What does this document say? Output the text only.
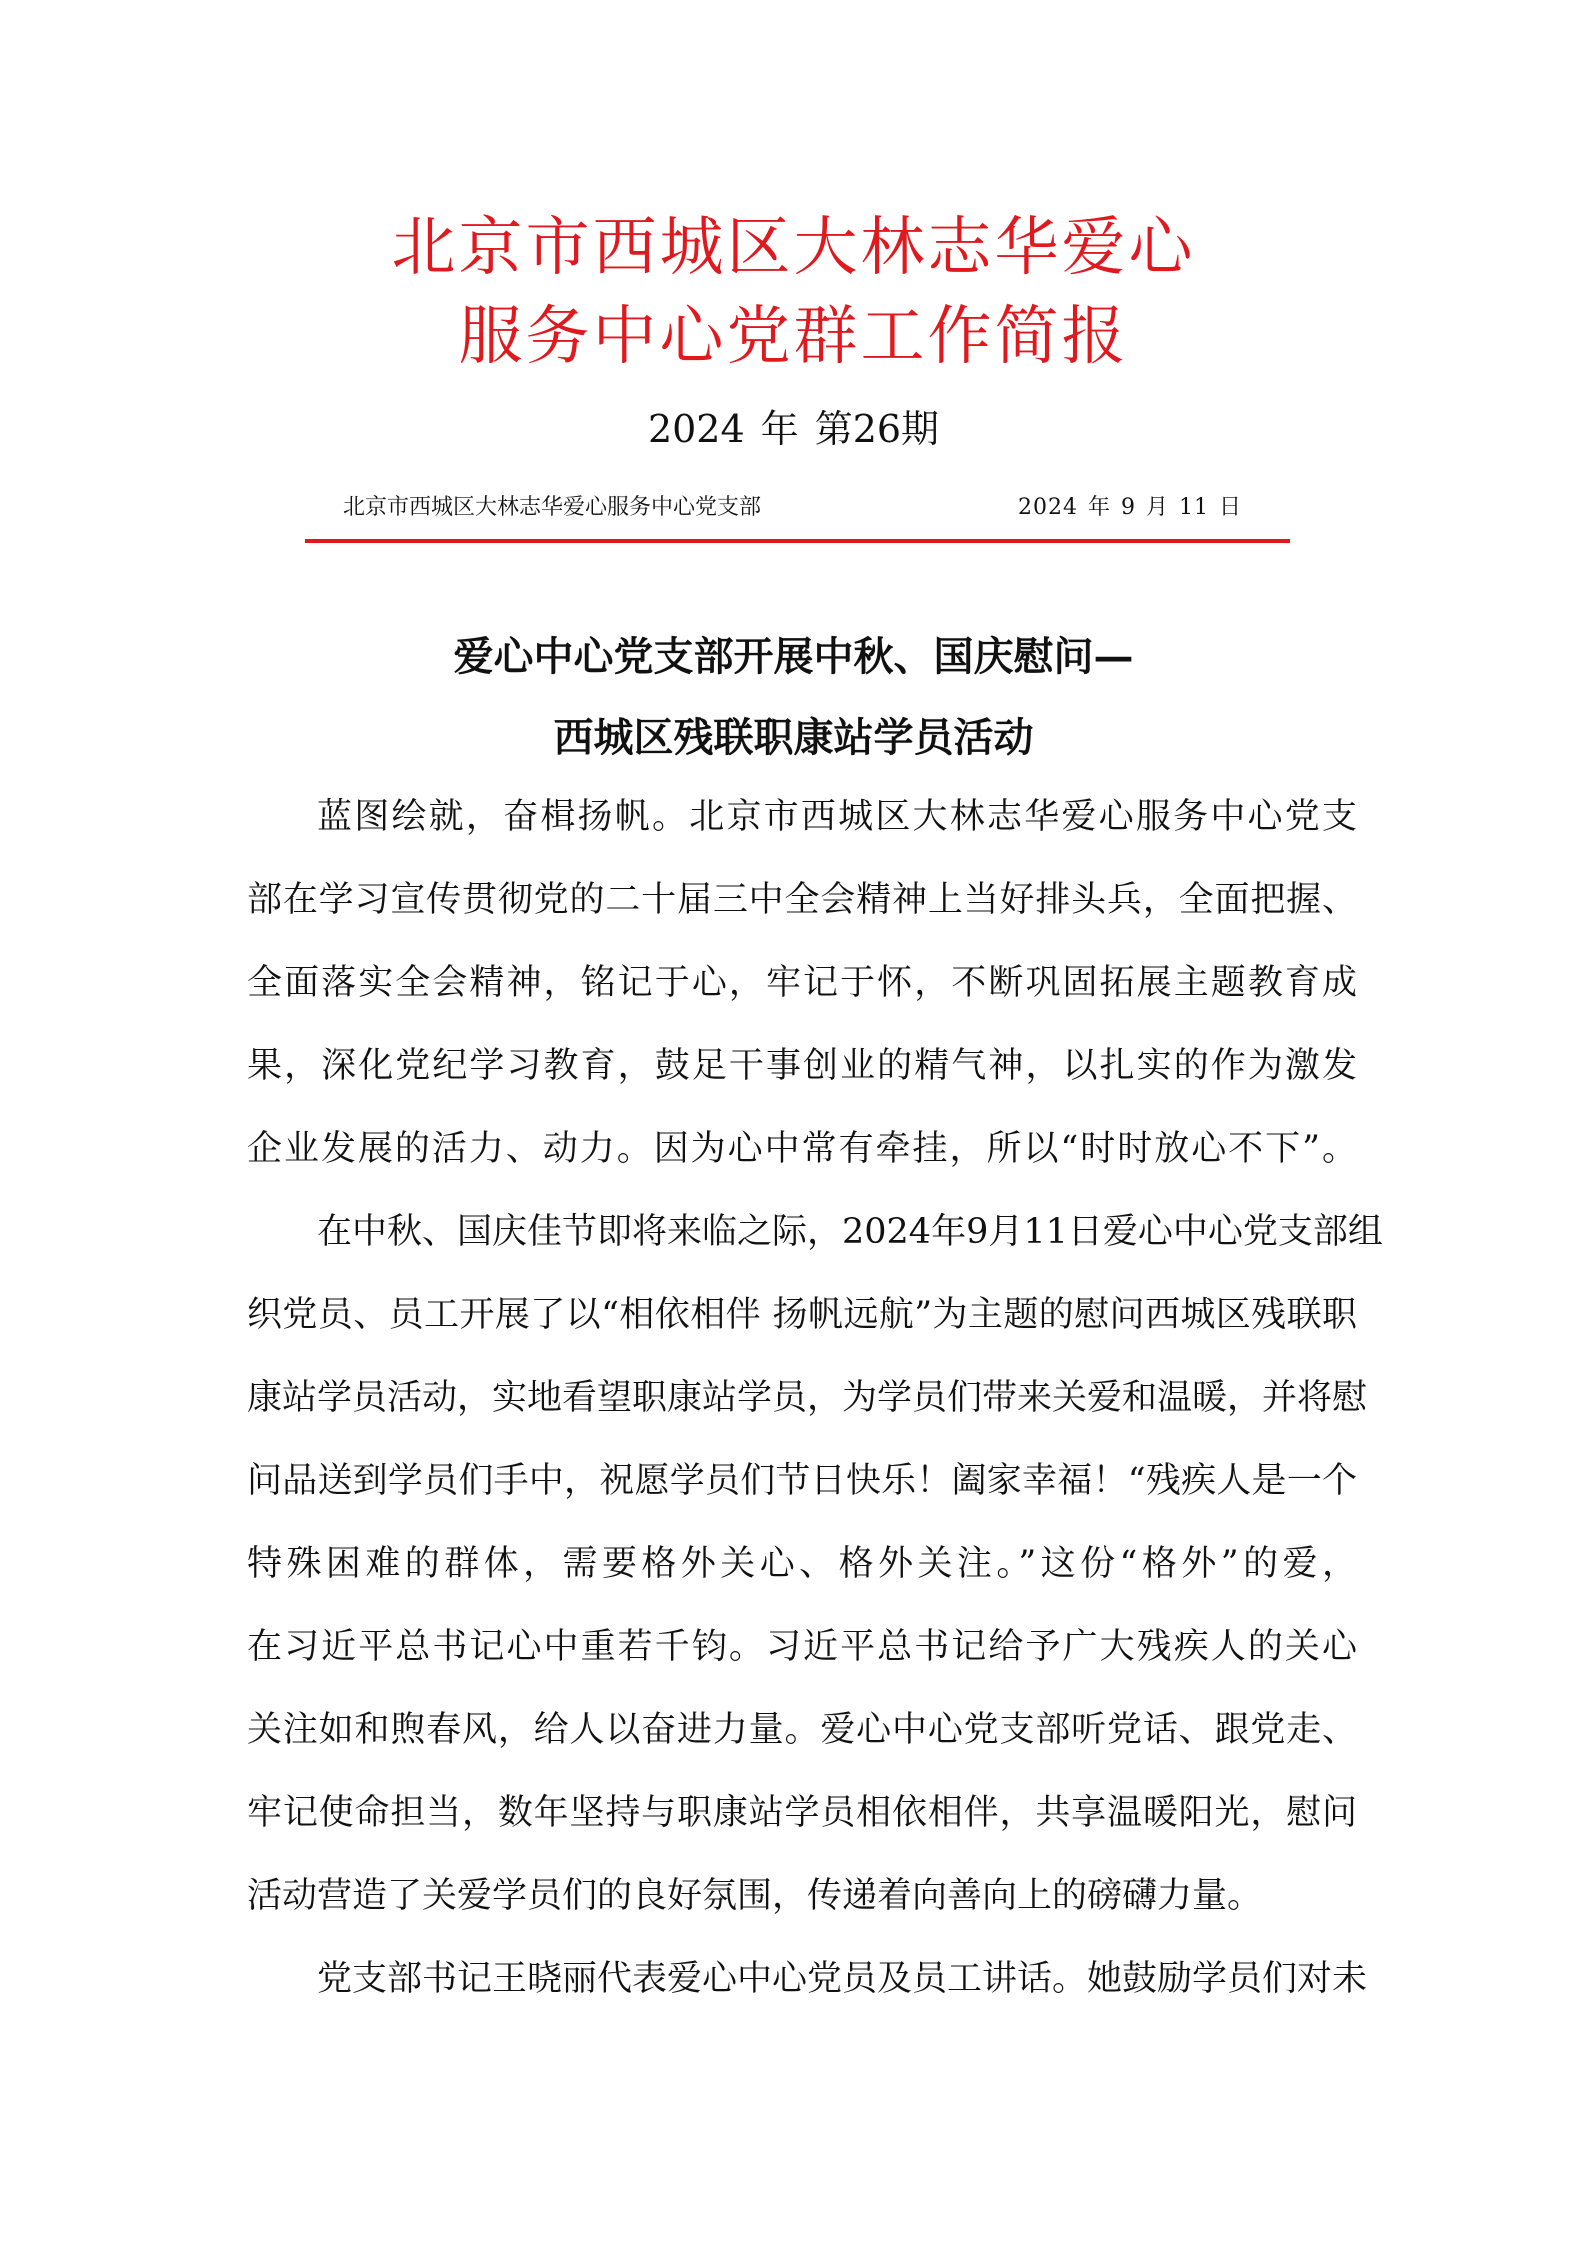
北京市西城区大林志华爱心
服务中心党群工作简报
2024 年 第26期
北京市西城区大林志华爱心服务中心党支部	2024 年 9 月 11 日
爱心中心党支部开展中秋、国庆慰问—
西城区残联职康站学员活动
蓝图绘就，奋楫扬帆。北京市西城区大林志华爱心服务中心党支
部在学习宣传贯彻党的二十届三中全会精神上当好排头兵，全面把握、
全面落实全会精神，铭记于心，牢记于怀，不断巩固拓展主题教育成
果，深化党纪学习教育，鼓足干事创业的精气神，以扎实的作为激发
企业发展的活力、动力。因为心中常有牵挂，所以“时时放心不下”。
在中秋、国庆佳节即将来临之际，2024年9月11日爱心中心党支部组
织党员、员工开展了以“相依相伴 扬帆远航”为主题的慰问西城区残联职
康站学员活动，实地看望职康站学员，为学员们带来关爱和温暖，并将慰
问品送到学员们手中，祝愿学员们节日快乐！阖家幸福！“残疾人是一个
特殊困难的群体，需要格外关心、格外关注。”这份“格外”的爱，
在习近平总书记心中重若千钧。习近平总书记给予广大残疾人的关心
关注如和煦春风，给人以奋进力量。爱心中心党支部听党话、跟党走、
牢记使命担当，数年坚持与职康站学员相依相伴，共享温暖阳光，慰问
活动营造了关爱学员们的良好氛围，传递着向善向上的磅礴力量。
党支部书记王晓丽代表爱心中心党员及员工讲话。她鼓励学员们对未
